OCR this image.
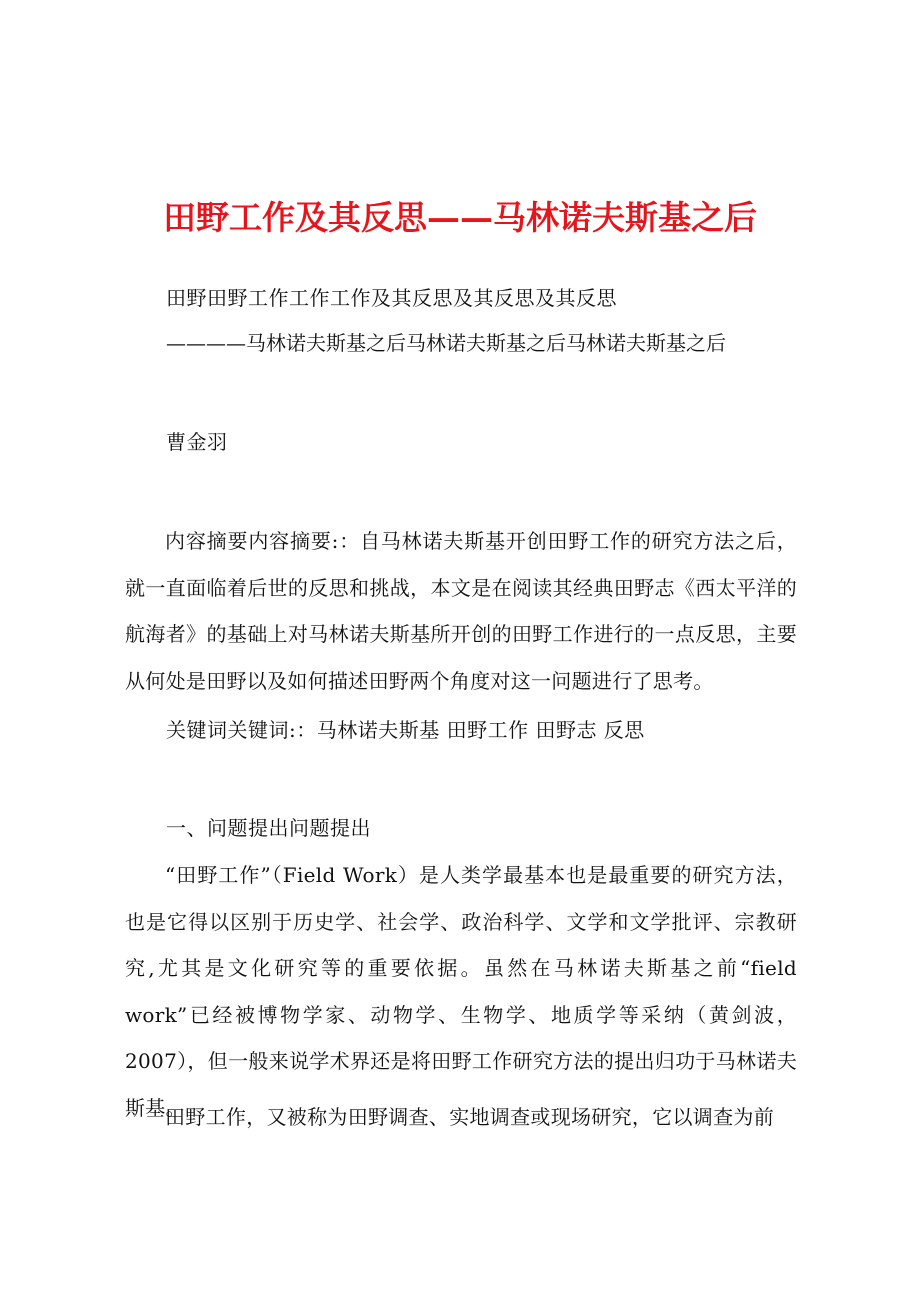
田野工作及其反思——马林诺夫斯基之后
田野田野工作工作工作及其反思及其反思及其反思
————马林诺夫斯基之后马林诺夫斯基之后马林诺夫斯基之后
曹金羽
内容摘要内容摘要:：自马林诺夫斯基开创田野工作的研究方法之后，就一直面临着后世的反思和挑战，本文是在阅读其经典田野志《西太平洋的航海者》的基础上对马林诺夫斯基所开创的田野工作进行的一点反思，主要从何处是田野以及如何描述田野两个角度对这一问题进行了思考。
关键词关键词:：马林诺夫斯基 田野工作 田野志 反思
一、问题提出问题提出
“田野工作”（Field Work）是人类学最基本也是最重要的研究方法，也是它得以区别于历史学、社会学、政治科学、文学和文学批评、宗教研究,尤其是文化研究等的重要依据。虽然在马林诺夫斯基之前“field work”已经被博物学家、动物学、生物学、地质学等采纳（黄剑波，2007），但一般来说学术界还是将田野工作研究方法的提出归功于马林诺夫斯基。
田野工作，又被称为田野调查、实地调查或现场研究，它以调查为前
